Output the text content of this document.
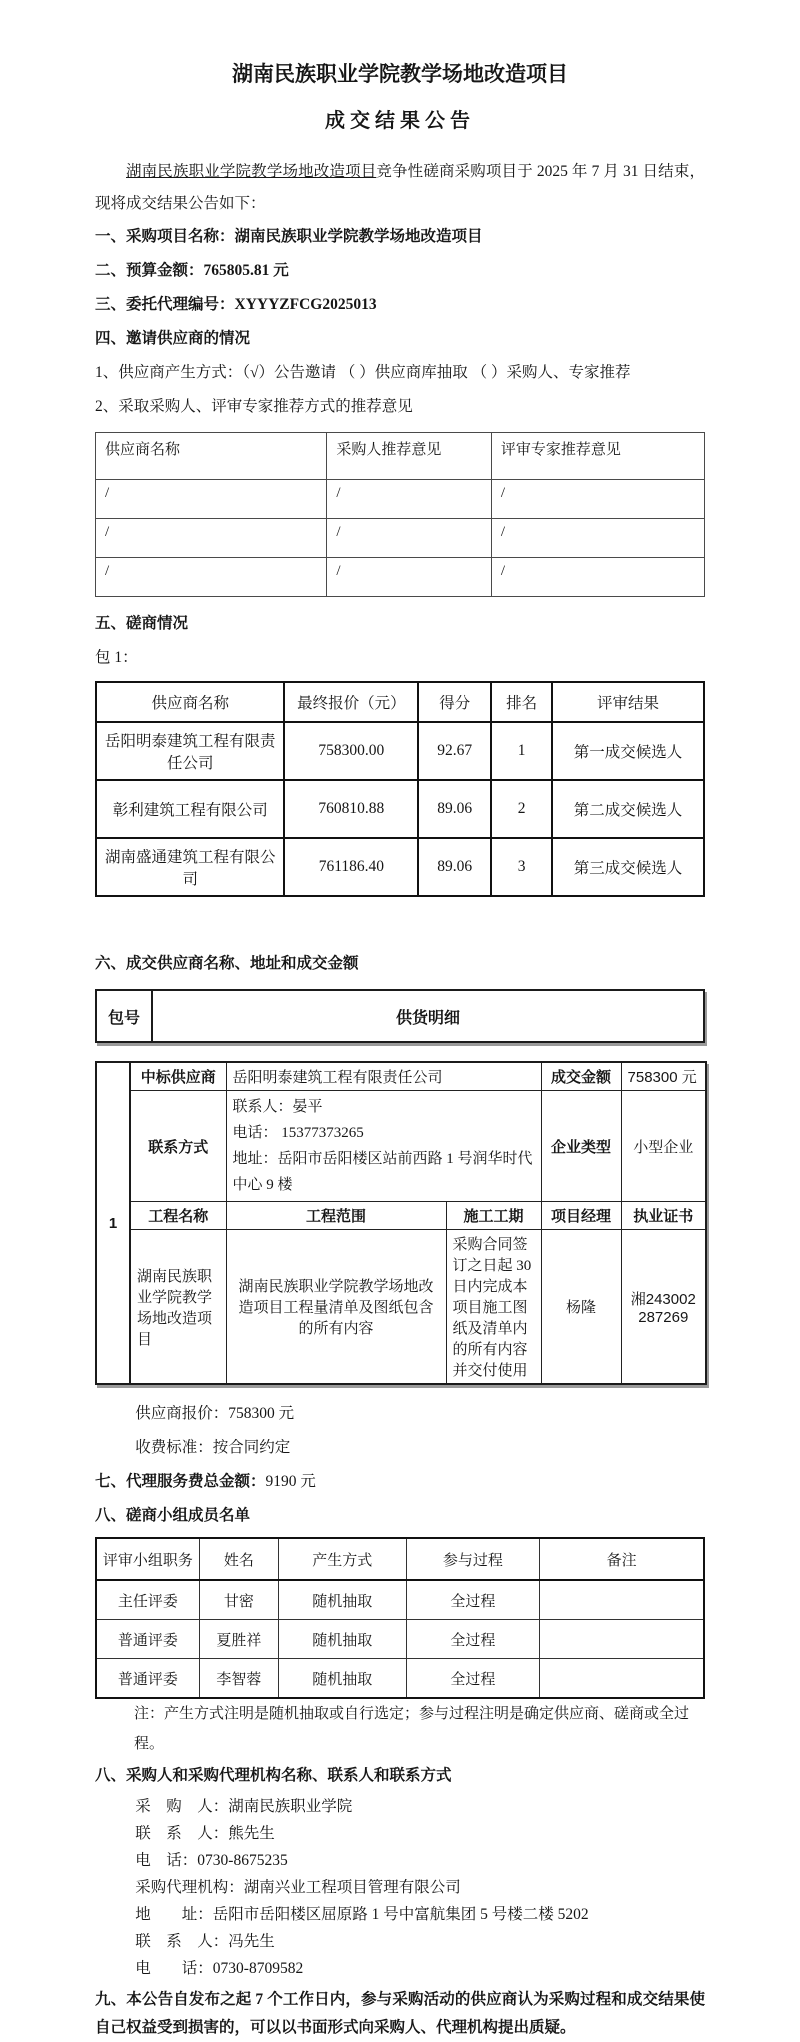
湖南民族职业学院教学场地改造项目
成交结果公告
湖南民族职业学院教学场地改造项目竞争性磋商采购项目于 2025 年 7 月 31 日结束，现将成交结果公告如下：
一、采购项目名称：湖南民族职业学院教学场地改造项目
二、预算金额：765805.81 元
三、委托代理编号：XYYYZFCG2025013
四、邀请供应商的情况
1、供应商产生方式：（√）公告邀请 （ ）供应商库抽取 （ ）采购人、专家推荐
2、采取采购人、评审专家推荐方式的推荐意见
供应商名称	采购人推荐意见	评审专家推荐意见
/	/	/
/	/	/
/	/	/
五、磋商情况
包 1：
供应商名称	最终报价（元）	得分	排名	评审结果
岳阳明泰建筑工程有限责任公司	758300.00	92.67	1	第一成交候选人
彰利建筑工程有限公司	760810.88	89.06	2	第二成交候选人
湖南盛通建筑工程有限公司	761186.40	89.06	3	第三成交候选人
六、成交供应商名称、地址和成交金额
包号	供货明细
1	中标供应商	岳阳明泰建筑工程有限责任公司		成交金额	758300 元
	联系方式	联系人：晏平
电话： 15377373265
地址：岳阳市岳阳楼区站前西路 1 号润华时代中心 9 楼		企业类型	小型企业
	工程名称	工程范围	施工工期	项目经理	执业证书
	湖南民族职业学院教学场地改造项目	湖南民族职业学院教学场地改造项目工程量清单及图纸包含的所有内容	采购合同签订之日起 30 日内完成本项目施工图纸及清单内的所有内容并交付使用	杨隆	湘243002287269
供应商报价：758300 元
收费标准：按合同约定
七、代理服务费总金额：9190 元
八、磋商小组成员名单
评审小组职务	姓名	产生方式	参与过程	备注
主任评委	甘密	随机抽取	全过程	
普通评委	夏胜祥	随机抽取	全过程	
普通评委	李智蓉	随机抽取	全过程	
注：产生方式注明是随机抽取或自行选定；参与过程注明是确定供应商、磋商或全过程。
八、采购人和采购代理机构名称、联系人和联系方式
采　购　人：湖南民族职业学院
联　系　人：熊先生
电　话：0730-8675235
采购代理机构：湖南兴业工程项目管理有限公司
地　　址：岳阳市岳阳楼区屈原路 1 号中富航集团 5 号楼二楼 5202
联　系　人：冯先生
电　　话：0730-8709582
九、本公告自发布之起 7 个工作日内，参与采购活动的供应商认为采购过程和成交结果使自己权益受到损害的，可以以书面形式向采购人、代理机构提出质疑。
